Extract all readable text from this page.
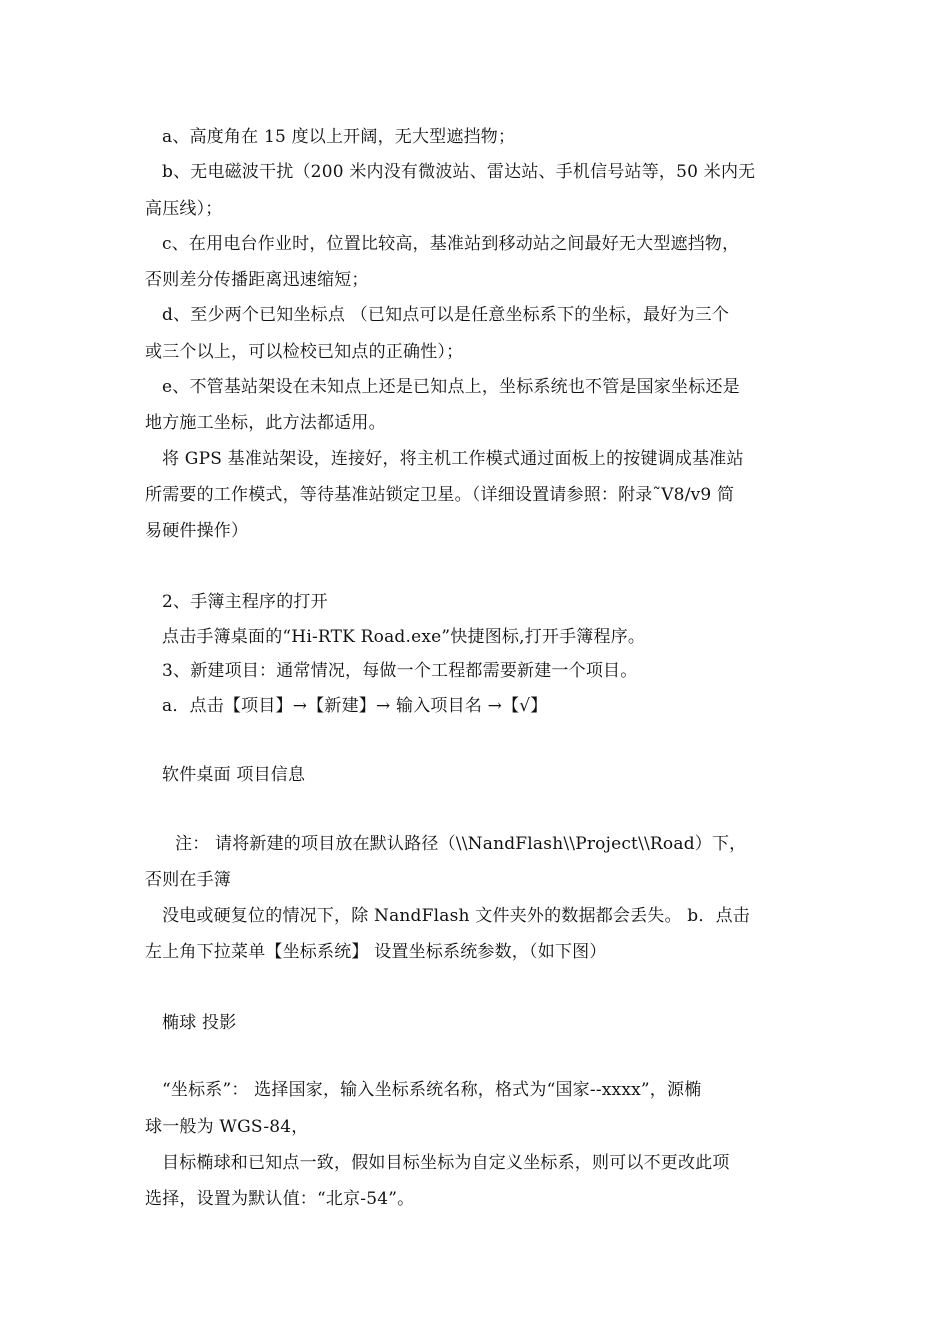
a、高度角在 15 度以上开阔，无大型遮挡物；
b、无电磁波干扰（200 米内没有微波站、雷达站、手机信号站等，50 米内无
高压线）；
c、在用电台作业时，位置比较高，基准站到移动站之间最好无大型遮挡物，
否则差分传播距离迅速缩短；
d、至少两个已知坐标点 （已知点可以是任意坐标系下的坐标，最好为三个
或三个以上，可以检校已知点的正确性）；
e、不管基站架设在未知点上还是已知点上，坐标系统也不管是国家坐标还是
地方施工坐标，此方法都适用。
将 GPS 基准站架设，连接好，将主机工作模式通过面板上的按键调成基准站
所需要的工作模式，等待基准站锁定卫星。（详细设置请参照：附录˜V8/v9 简
易硬件操作）
2、手簿主程序的打开
点击手簿桌面的“Hi-RTK Road.exe”快捷图标,打开手簿程序。
3、新建项目：通常情况，每做一个工程都需要新建一个项目。
a．点击【项目】→【新建】→ 输入项目名 →【√】
软件桌面 项目信息
注： 请将新建的项目放在默认路径（\\NandFlash\\Project\\Road）下，
否则在手簿
没电或硬复位的情况下，除 NandFlash 文件夹外的数据都会丢失。 b．点击
左上角下拉菜单【坐标系统】 设置坐标系统参数，（如下图）
椭球 投影
“坐标系”： 选择国家，输入坐标系统名称，格式为“国家--xxxx”，源椭
球一般为 WGS-84，
目标椭球和已知点一致，假如目标坐标为自定义坐标系，则可以不更改此项
选择，设置为默认值：“北京-54”。
